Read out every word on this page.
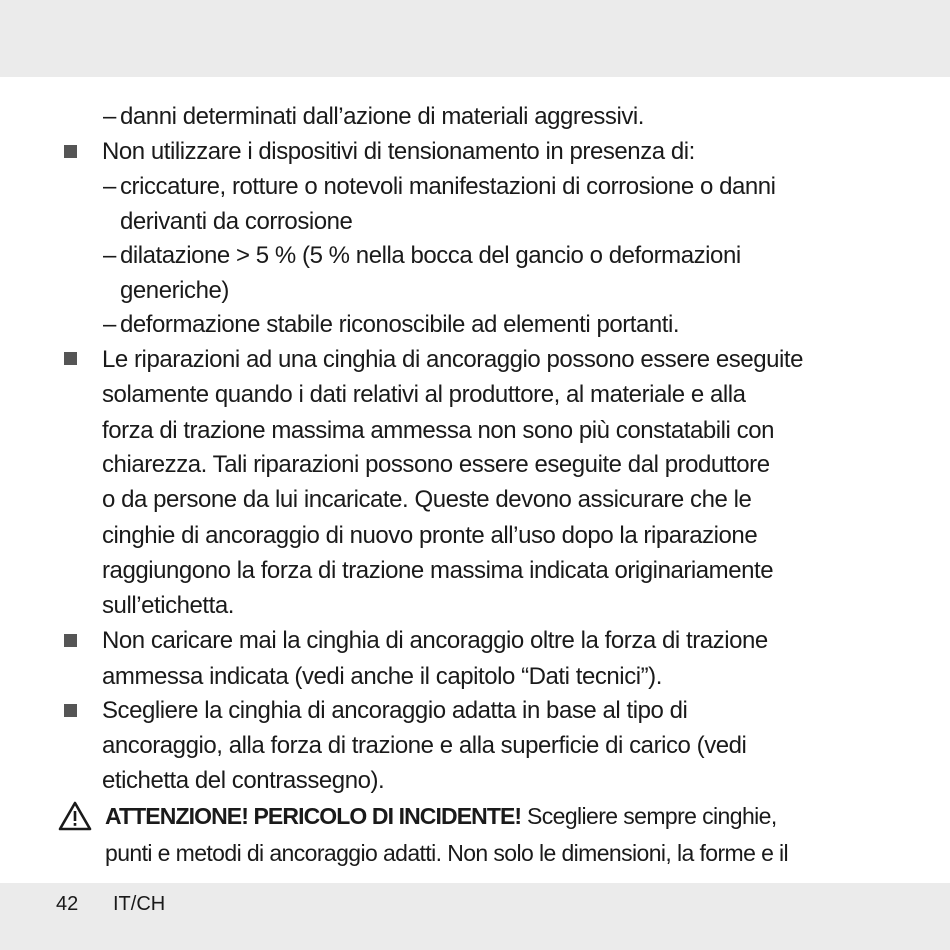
– danni determinati dall’azione di materiali aggressivi.
Non utilizzare i dispositivi di tensionamento in presenza di:
– criccature, rotture o notevoli manifestazioni di corrosione o danni
derivanti da corrosione
– dilatazione > 5 % (5 % nella bocca del gancio o deformazioni
generiche)
– deformazione stabile riconoscibile ad elementi portanti.
Le riparazioni ad una cinghia di ancoraggio possono essere eseguite
solamente quando i dati relativi al produttore, al materiale e alla
forza di trazione massima ammessa non sono più constatabili con
chiarezza. Tali riparazioni possono essere eseguite dal produttore
o da persone da lui incaricate. Queste devono assicurare che le
cinghie di ancoraggio di nuovo pronte all’uso dopo la riparazione
raggiungono la forza di trazione massima indicata originariamente
sull’etichetta.
Non caricare mai la cinghia di ancoraggio oltre la forza di trazione
ammessa indicata (vedi anche il capitolo “Dati tecnici”).
Scegliere la cinghia di ancoraggio adatta in base al tipo di
ancoraggio, alla forza di trazione e alla superficie di carico (vedi
etichetta del contrassegno).
ATTENZIONE! PERICOLO DI INCIDENTE! Scegliere sempre cinghie,
punti e metodi di ancoraggio adatti. Non solo le dimensioni, la forme e il
42 IT/CH
